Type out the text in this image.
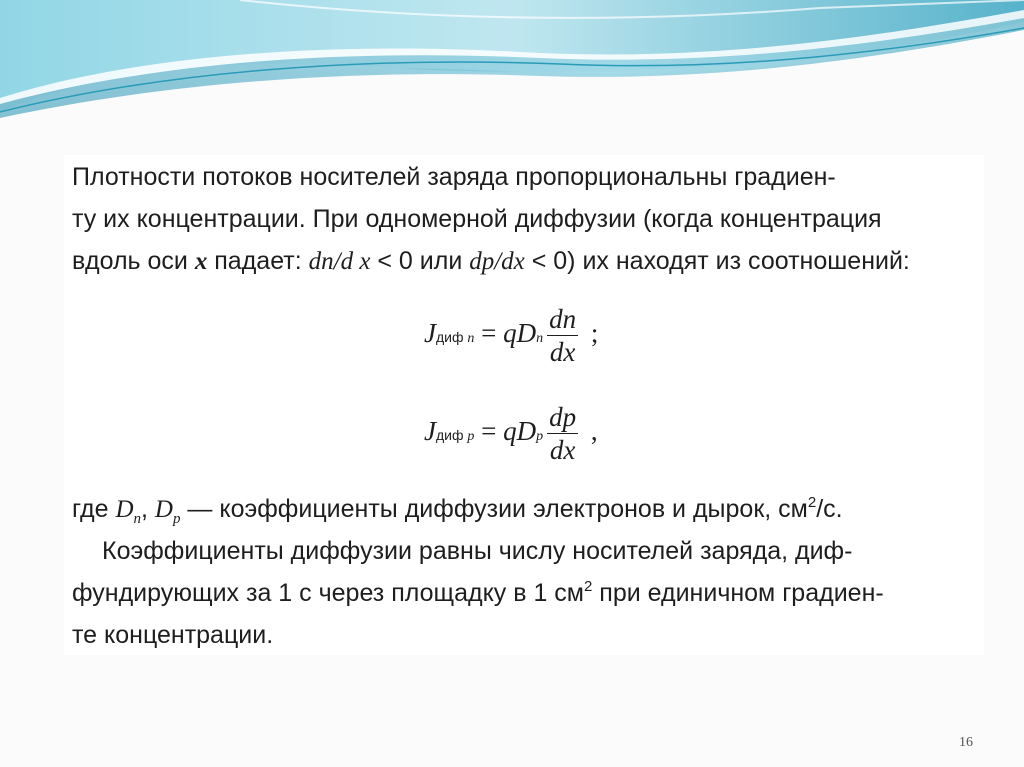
Плотности потоков носителей заряда пропорциональны градиен-

ту их концентрации. При одномерной диффузии (когда концентрация

вдоль оси x падает: dn/d x < 0 или dp/dx < 0) их находят из соотношений:

Jдиф n = qDn $\frac{dn}{dx}$ ;
Jдиф p = qDp $\frac{dp}{dx}$ ,

где $D_n$, $D_p$ — коэффициенты диффузии электронов и дырок, $см^2/с$.

Коэффициенты диффузии равны числу носителей заряда, диф-

фундирующих за 1 с через площадку в 1 $см^2$ при единичном градиен-

те концентрации.

16
